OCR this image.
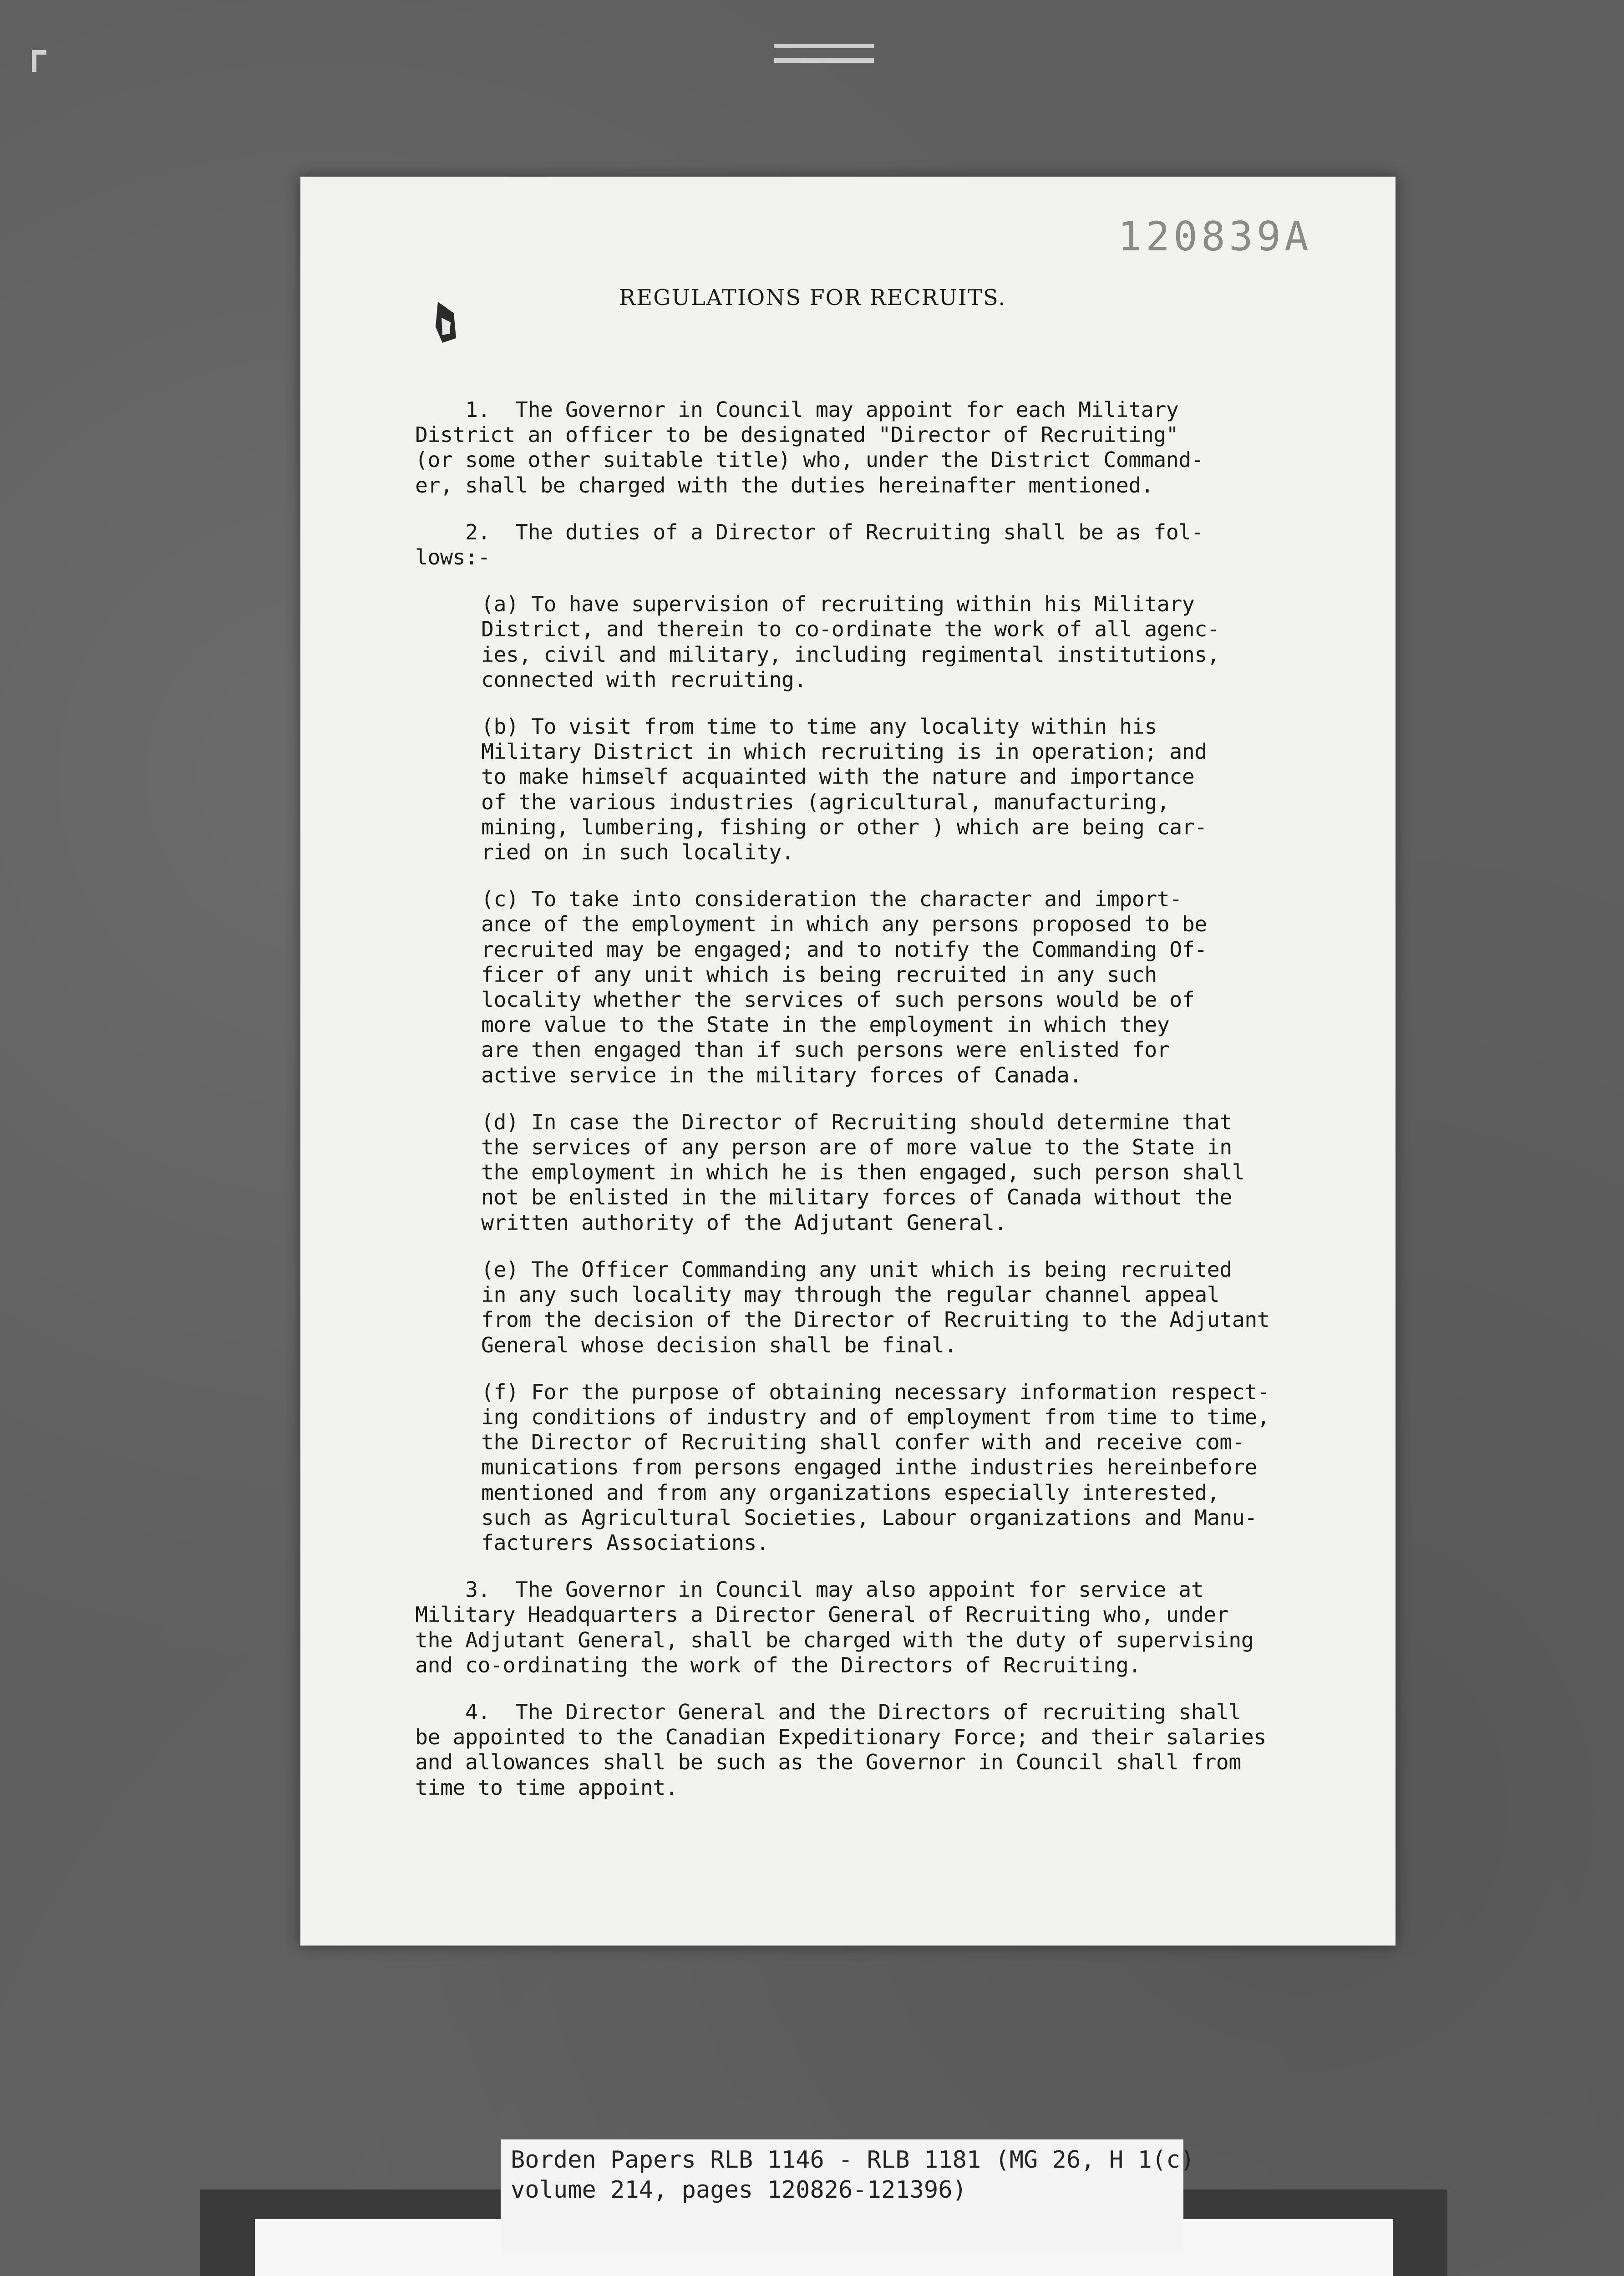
120839A
REGULATIONS FOR RECRUITS.

1.  The Governor in Council may appoint for each Military
District an officer to be designated "Director of Recruiting"
(or some other suitable title) who, under the District Command-
er, shall be charged with the duties hereinafter mentioned.

2.  The duties of a Director of Recruiting shall be as fol-
lows:-

(a) To have supervision of recruiting within his Military
District, and therein to co-ordinate the work of all agenc-
ies, civil and military, including regimental institutions,
connected with recruiting.

(b) To visit from time to time any locality within his
Military District in which recruiting is in operation; and
to make himself acquainted with the nature and importance
of the various industries (agricultural, manufacturing,
mining, lumbering, fishing or other ) which are being car-
ried on in such locality.

(c) To take into consideration the character and import-
ance of the employment in which any persons proposed to be
recruited may be engaged; and to notify the Commanding Of-
ficer of any unit which is being recruited in any such
locality whether the services of such persons would be of
more value to the State in the employment in which they
are then engaged than if such persons were enlisted for
active service in the military forces of Canada.

(d) In case the Director of Recruiting should determine that
the services of any person are of more value to the State in
the employment in which he is then engaged, such person shall
not be enlisted in the military forces of Canada without the
written authority of the Adjutant General.

(e) The Officer Commanding any unit which is being recruited
in any such locality may through the regular channel appeal
from the decision of the Director of Recruiting to the Adjutant
General whose decision shall be final.

(f) For the purpose of obtaining necessary information respect-
ing conditions of industry and of employment from time to time,
the Director of Recruiting shall confer with and receive com-
munications from persons engaged inthe industries hereinbefore
mentioned and from any organizations especially interested,
such as Agricultural Societies, Labour organizations and Manu-
facturers Associations.

3.  The Governor in Council may also appoint for service at
Military Headquarters a Director General of Recruiting who, under
the Adjutant General, shall be charged with the duty of supervising
and co-ordinating the work of the Directors of Recruiting.

4.  The Director General and the Directors of recruiting shall
be appointed to the Canadian Expeditionary Force; and their salaries
and allowances shall be such as the Governor in Council shall from
time to time appoint.

Borden Papers RLB 1146 - RLB 1181 (MG 26, H 1(c)
volume 214, pages 120826-121396)
